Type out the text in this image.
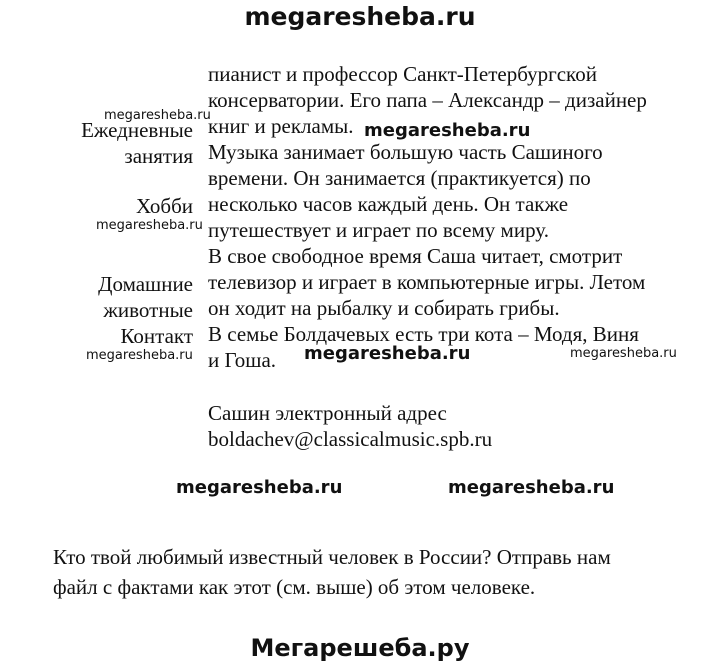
megaresheba.ru
Ежедневные
занятия
Хобби
Домашние
животные
Контакт
пианист и профессор Санкт-Петербургской
консерватории. Его папа – Александр – дизайнер
книг и рекламы.
Музыка занимает большую часть Сашиного
времени. Он занимается (практикуется) по
несколько часов каждый день. Он также
путешествует и играет по всему миру.
В свое свободное время Саша читает, смотрит
телевизор и играет в компьютерные игры. Летом
он ходит на рыбалку и собирать грибы.
В семье Болдачевых есть три кота – Модя, Виня
и Гоша.
Сашин электронный адрес
boldachev@classicalmusic.spb.ru
Кто твой любимый известный человек в России? Отправь нам
файл с фактами как этот (см. выше) об этом человеке.
megaresheba.ru
megaresheba.ru
megaresheba.ru	megaresheba.ru
megaresheba.ru
megaresheba.ru
megaresheba.ru	megaresheba.ru
Мегарешеба.ру
